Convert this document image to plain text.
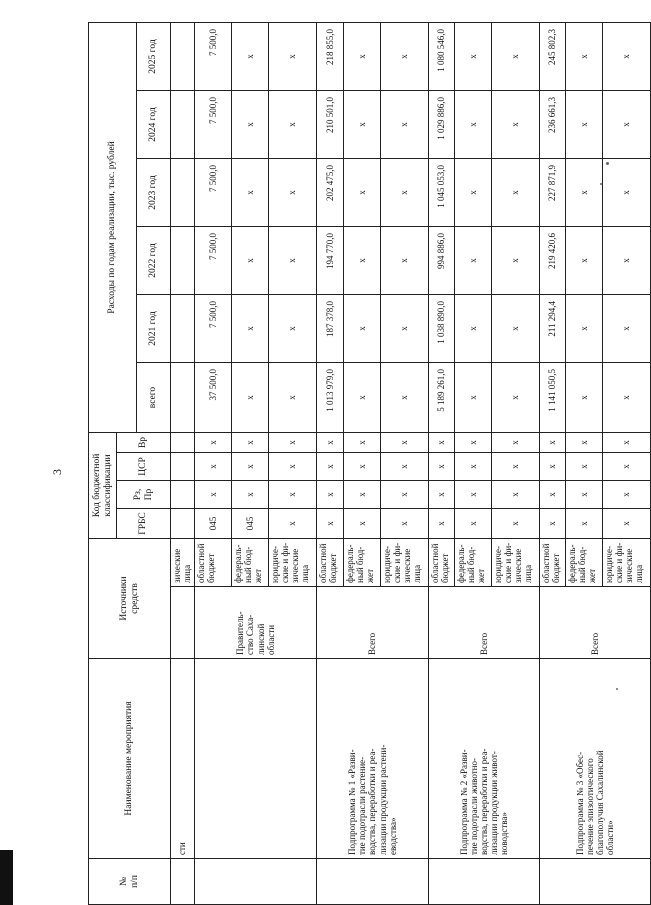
3
№
п/п	Наименование мероприятия	Источники
средств		Код бюджетной
классификации				Расходы по годам реализации, тыс. рублей					
				ГРБС	Рз,
Пр	ЦСР	Вр						
								всего	2021 год	2022 год	2023 год	2024 год	2025 год
	сти		зические
лица										
		Правитель-
ство Саха-
линской
области	областной
бюджет	045	х	х	х	37 500,0	7 500,0	7 500,0	7 500,0	7 500,0	7 500,0
			федераль-
ный бюд-
жет	045	х	х	х	х	х	х	х	х	х
			юридиче-
ские и фи-
зические
лица	х	х	х	х	х	х	х	х	х	х
	Подпрограмма № 1 «Разви-
тие подотрасли растение-
водства, переработки и реа-
лизации продукции растени-
еводства»	Всего	областной
бюджет	х	х	х	х	1 013 979,0	187 378,0	194 770,0	202 475,0	210 501,0	218 855,0
			федераль-
ный бюд-
жет	х	х	х	х	х	х	х	х	х	х
			юридиче-
ские и фи-
зические
лица	х	х	х	х	х	х	х	х	х	х
	Подпрограмма № 2 «Разви-
тие подотрасли животно-
водства, переработки и реа-
лизации продукции живот-
новодства»	Всего	областной
бюджет	х	х	х	х	5 189 261,0	1 038 890,0	994 886,0	1 045 053,0	1 029 886,0	1 080 546,0
			федераль-
ный бюд-
жет	х	х	х	х	х	х	х	х	х	х
			юридиче-
ские и фи-
зические
лица	х	х	х	х	х	х	х	х	х	х
	Подпрограмма № 3 «Обес-
печение эпизоотического
благополучия Сахалинской
области»	Всего	областной
бюджет	х	х	х	х	1 141 050,5	211 294,4	219 420,6	227 871,9	236 661,3	245 802,3
			федераль-
ный бюд-
жет	х	х	х	х	х	х	х	х	х	х
			юридиче-
ские и фи-
зические
лица	х	х	х	х	х	х	х	х	х	х
